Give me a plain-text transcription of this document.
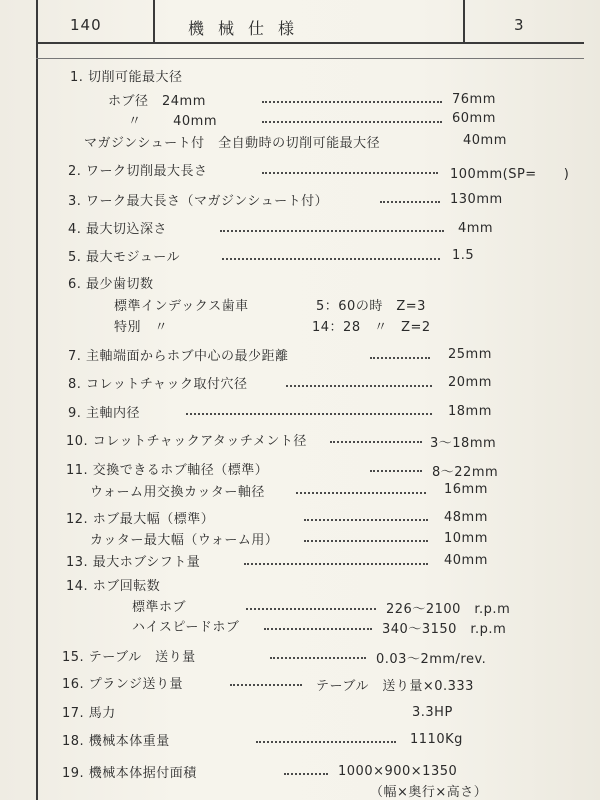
140	機械仕様	3
1. 切削可能最大径
ホブ径　24mm	76mm
〃　　 40mm	60mm
マガジンシュート付　全自動時の切削可能最大径	40mm
2. ワーク切削最大長さ	100mm(SP=　　)
3. ワーク最大長さ（マガジンシュート付）	130mm
4. 最大切込深さ	4mm
5. 最大モジュール	1.5
6. 最少歯切数
標準インデックス歯車	5：60の時　Z=3
特別　〃	14：28　〃　Z=2
7. 主軸端面からホブ中心の最少距離	25mm
8. コレットチャック取付穴径	20mm
9. 主軸内径	18mm
10. コレットチャックアタッチメント径	3～18mm
11. 交換できるホブ軸径（標準）	8～22mm
ウォーム用交換カッター軸径	16mm
12. ホブ最大幅（標準）	48mm
カッター最大幅（ウォーム用）	10mm
13. 最大ホブシフト量	40mm
14. ホブ回転数
標準ホブ	226～2100　r.p.m
ハイスピードホブ	340～3150　r.p.m
15. テーブル　送り量	0.03～2mm/rev.
16. プランジ送り量	テーブル　送り量×0.333
17. 馬力	3.3HP
18. 機械本体重量	1110Kg
19. 機械本体据付面積	1000×900×1350
（幅×奥行×高さ）
